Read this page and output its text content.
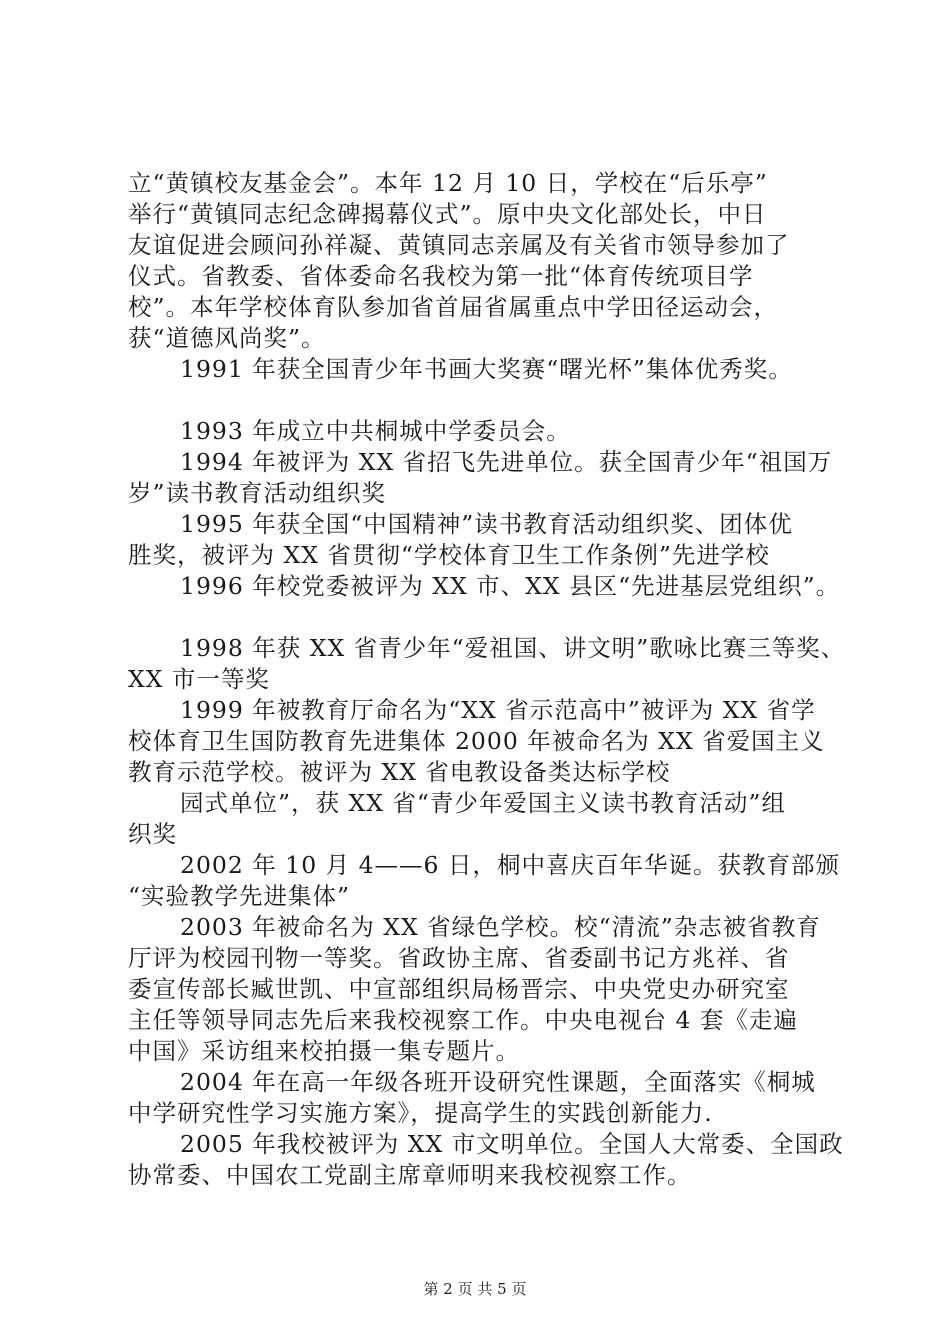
立“黄镇校友基金会”。本年 12 月 10 日，学校在“后乐亭”
举行“黄镇同志纪念碑揭幕仪式”。原中央文化部处长，中日
友谊促进会顾问孙祥凝、黄镇同志亲属及有关省市领导参加了
仪式。省教委、省体委命名我校为第一批“体育传统项目学
校”。本年学校体育队参加省首届省属重点中学田径运动会，
获“道德风尚奖”。
1991 年获全国青少年书画大奖赛“曙光杯”集体优秀奖。
1993 年成立中共桐城中学委员会。
1994 年被评为 XX 省招飞先进单位。获全国青少年“祖国万
岁”读书教育活动组织奖
1995 年获全国“中国精神”读书教育活动组织奖、团体优
胜奖，被评为 XX 省贯彻“学校体育卫生工作条例”先进学校
1996 年校党委被评为 XX 市、XX 县区“先进基层党组织”。
1998 年获 XX 省青少年“爱祖国、讲文明”歌咏比赛三等奖、
XX 市一等奖
1999 年被教育厅命名为“XX 省示范高中”被评为 XX 省学
校体育卫生国防教育先进集体 2000 年被命名为 XX 省爱国主义
教育示范学校。被评为 XX 省电教设备类达标学校
园式单位”，获 XX 省“青少年爱国主义读书教育活动”组
织奖
2002 年 10 月 4——6 日，桐中喜庆百年华诞。获教育部颁
“实验教学先进集体”
2003 年被命名为 XX 省绿色学校。校“清流”杂志被省教育
厅评为校园刊物一等奖。省政协主席、省委副书记方兆祥、省
委宣传部长臧世凯、中宣部组织局杨晋宗、中央党史办研究室
主任等领导同志先后来我校视察工作。中央电视台 4 套《走遍
中国》采访组来校拍摄一集专题片。
2004 年在高一年级各班开设研究性课题，全面落实《桐城
中学研究性学习实施方案》，提高学生的实践创新能力.
2005 年我校被评为 XX 市文明单位。全国人大常委、全国政
协常委、中国农工党副主席章师明来我校视察工作。
第 2 页 共 5 页
